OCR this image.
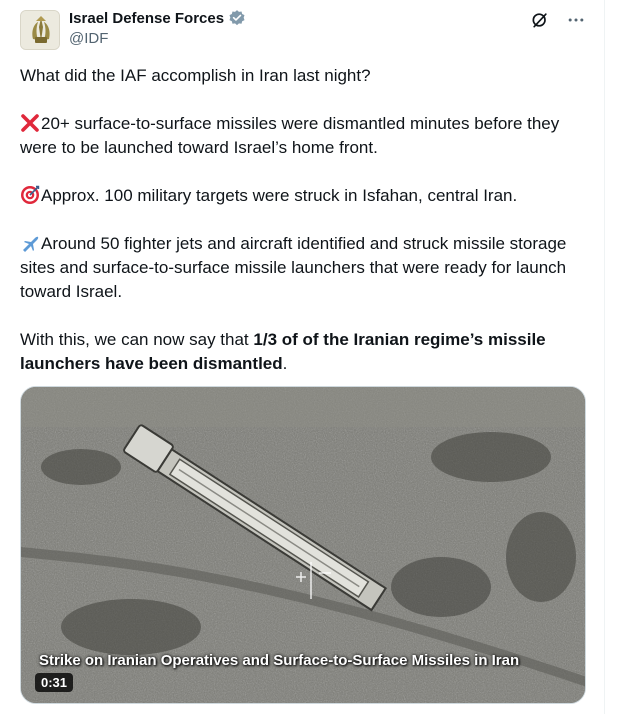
Israel Defense Forces
@IDF

What did the IAF accomplish in Iran last night?

20+ surface-to-surface missiles were dismantled minutes before they were to be launched toward Israel’s home front.

Approx. 100 military targets were struck in Isfahan, central Iran.

Around 50 fighter jets and aircraft identified and struck missile storage sites and surface-to-surface missile launchers that were ready for launch toward Israel.

With this, we can now say that 1/3 of of the Iranian regime’s missile launchers have been dismantled.

Strike on Iranian Operatives and Surface-to-Surface Missiles in Iran
0:31
